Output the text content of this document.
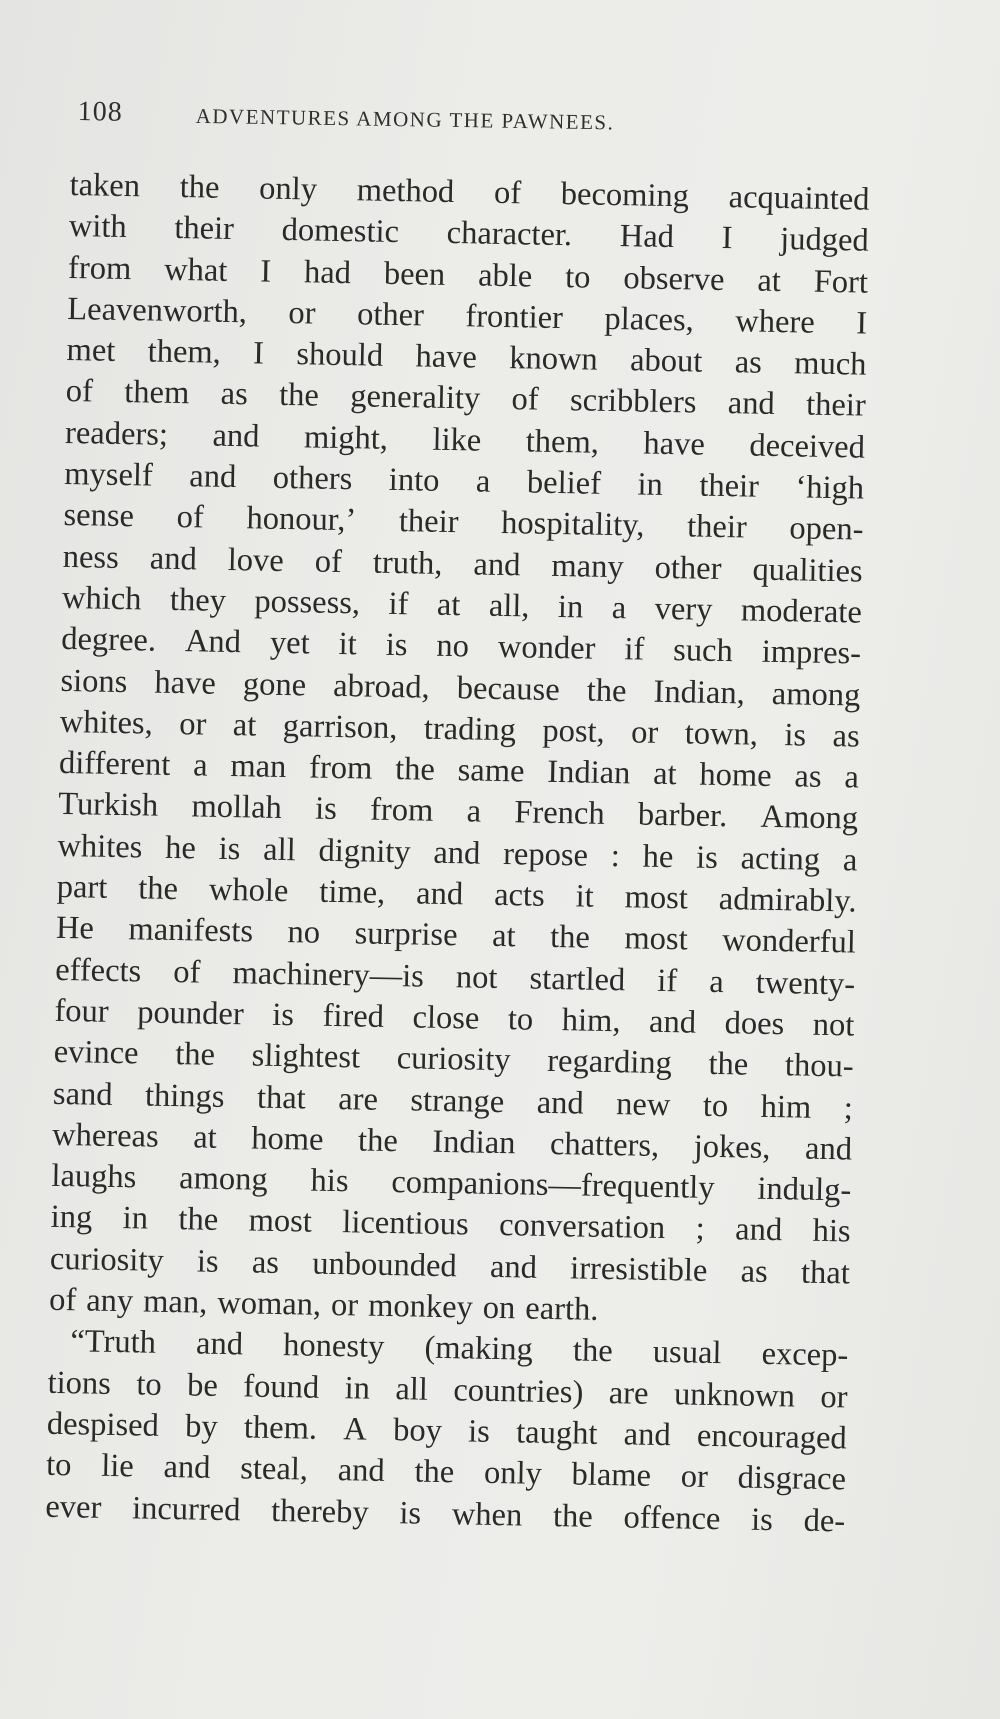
108	ADVENTURES AMONG THE PAWNEES.
taken the only method of becoming acquainted
with their domestic character. Had I judged
from what I had been able to observe at Fort
Leavenworth, or other frontier places, where I
met them, I should have known about as much
of them as the generality of scribblers and their
readers; and might, like them, have deceived
myself and others into a belief in their ‘high
sense of honour,’ their hospitality, their open-
ness and love of truth, and many other qualities
which they possess, if at all, in a very moderate
degree. And yet it is no wonder if such impres-
sions have gone abroad, because the Indian, among
whites, or at garrison, trading post, or town, is as
different a man from the same Indian at home as a
Turkish mollah is from a French barber. Among
whites he is all dignity and repose : he is acting a
part the whole time, and acts it most admirably.
He manifests no surprise at the most wonderful
effects of machinery—is not startled if a twenty-
four pounder is fired close to him, and does not
evince the slightest curiosity regarding the thou-
sand things that are strange and new to him ;
whereas at home the Indian chatters, jokes, and
laughs among his companions—frequently indulg-
ing in the most licentious conversation ; and his
curiosity is as unbounded and irresistible as that
of any man, woman, or monkey on earth.
“Truth and honesty (making the usual excep-
tions to be found in all countries) are unknown or
despised by them. A boy is taught and encouraged
to lie and steal, and the only blame or disgrace
ever incurred thereby is when the offence is de-
